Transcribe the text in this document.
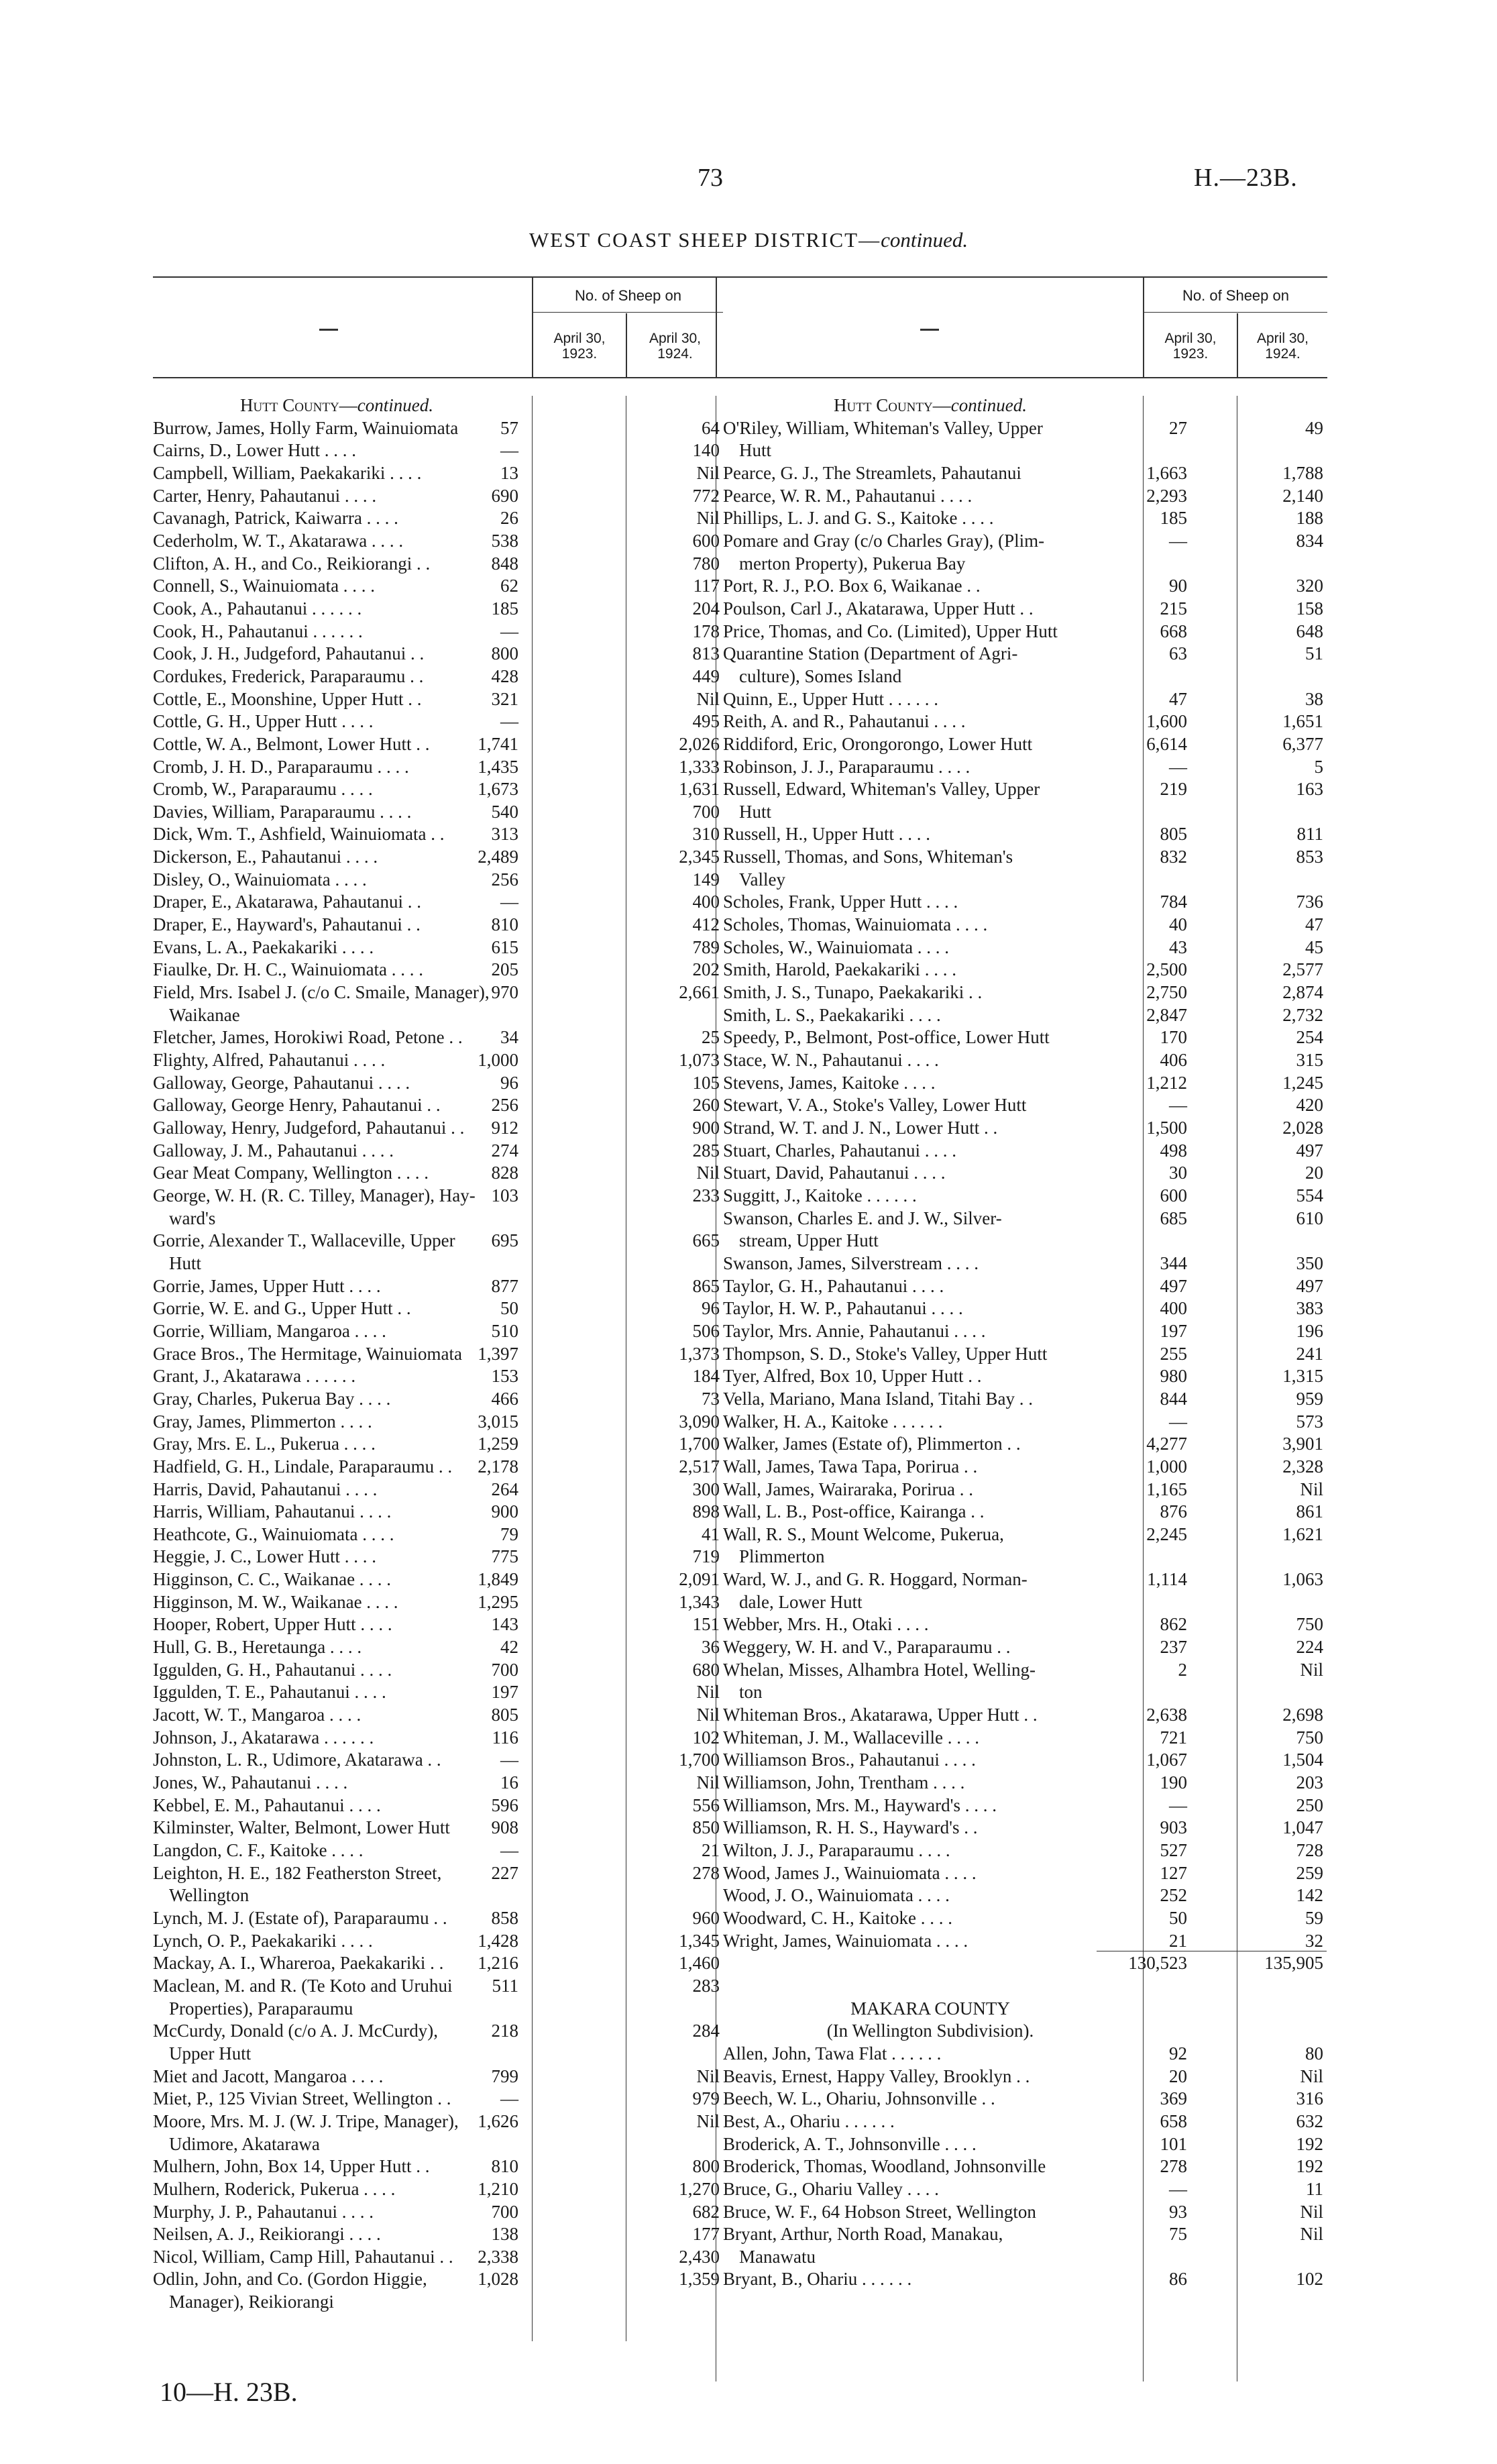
73	H.—23B.
WEST COAST SHEEP DISTRICT—continued.
No. of Sheep on
April 30,
1923.
April 30,
1924.
No. of Sheep on
April 30,
1923.
April 30,
1924.
Hutt County—continued.
Burrow, James, Holly Farm, Wainuiomata	57	64
Cairns, D., Lower Hutt . . . .	—	140
Campbell, William, Paekakariki . . . .	13	Nil
Carter, Henry, Pahautanui . . . .	690	772
Cavanagh, Patrick, Kaiwarra . . . .	26	Nil
Cederholm, W. T., Akatarawa . . . .	538	600
Clifton, A. H., and Co., Reikiorangi . .	848	780
Connell, S., Wainuiomata . . . .	62	117
Cook, A., Pahautanui . . . . . .	185	204
Cook, H., Pahautanui . . . . . .	—	178
Cook, J. H., Judgeford, Pahautanui . .	800	813
Cordukes, Frederick, Paraparaumu . .	428	449
Cottle, E., Moonshine, Upper Hutt . .	321	Nil
Cottle, G. H., Upper Hutt . . . .	—	495
Cottle, W. A., Belmont, Lower Hutt . .	1,741	2,026
Cromb, J. H. D., Paraparaumu . . . .	1,435	1,333
Cromb, W., Paraparaumu . . . .	1,673	1,631
Davies, William, Paraparaumu . . . .	540	700
Dick, Wm. T., Ashfield, Wainuiomata . .	313	310
Dickerson, E., Pahautanui . . . .	2,489	2,345
Disley, O., Wainuiomata . . . .	256	149
Draper, E., Akatarawa, Pahautanui . .	—	400
Draper, E., Hayward's, Pahautanui . .	810	412
Evans, L. A., Paekakariki . . . .	615	789
Fiaulke, Dr. H. C., Wainuiomata . . . .	205	202
Field, Mrs. Isabel J. (c/o C. Smaile, Manager), 970	2,661
Waikanae
Fletcher, James, Horokiwi Road, Petone . .	34	25
Flighty, Alfred, Pahautanui . . . .	1,000	1,073
Galloway, George, Pahautanui . . . .	96	105
Galloway, George Henry, Pahautanui . .	256	260
Galloway, Henry, Judgeford, Pahautanui . .	912	900
Galloway, J. M., Pahautanui . . . .	274	285
Gear Meat Company, Wellington . . . .	828	Nil
George, W. H. (R. C. Tilley, Manager), Hay- 103	233
ward's
Gorrie, Alexander T., Wallaceville, Upper	695	665
Hutt
Gorrie, James, Upper Hutt . . . .	877	865
Gorrie, W. E. and G., Upper Hutt . .	50	96
Gorrie, William, Mangaroa . . . .	510	506
Grace Bros., The Hermitage, Wainuiomata 1,397	1,373
Grant, J., Akatarawa . . . . . .	153	184
Gray, Charles, Pukerua Bay . . . .	466	73
Gray, James, Plimmerton . . . .	3,015	3,090
Gray, Mrs. E. L., Pukerua . . . .	1,259	1,700
Hadfield, G. H., Lindale, Paraparaumu . .	2,178	2,517
Harris, David, Pahautanui . . . .	264	300
Harris, William, Pahautanui . . . .	900	898
Heathcote, G., Wainuiomata . . . .	79	41
Heggie, J. C., Lower Hutt . . . .	775	719
Higginson, C. C., Waikanae . . . .	1,849	2,091
Higginson, M. W., Waikanae . . . .	1,295	1,343
Hooper, Robert, Upper Hutt . . . .	143	151
Hull, G. B., Heretaunga . . . .	42	36
Iggulden, G. H., Pahautanui . . . .	700	680
Iggulden, T. E., Pahautanui . . . .	197	Nil
Jacott, W. T., Mangaroa . . . .	805	Nil
Johnson, J., Akatarawa . . . . . .	116	102
Johnston, L. R., Udimore, Akatarawa . .	—	1,700
Jones, W., Pahautanui . . . .	16	Nil
Kebbel, E. M., Pahautanui . . . .	596	556
Kilminster, Walter, Belmont, Lower Hutt	908	850
Langdon, C. F., Kaitoke . . . .	—	21
Leighton, H. E., 182 Featherston Street,	227	278
Wellington
Lynch, M. J. (Estate of), Paraparaumu . .	858	960
Lynch, O. P., Paekakariki . . . .	1,428	1,345
Mackay, A. I., Whareroa, Paekakariki . .	1,216	1,460
Maclean, M. and R. (Te Koto and Uruhui	511	283
Properties), Paraparaumu
McCurdy, Donald (c/o A. J. McCurdy),	218	284
Upper Hutt
Miet and Jacott, Mangaroa . . . .	799	Nil
Miet, P., 125 Vivian Street, Wellington . .	—	979
Moore, Mrs. M. J. (W. J. Tripe, Manager),	1,626	Nil
Udimore, Akatarawa
Mulhern, John, Box 14, Upper Hutt . .	810	800
Mulhern, Roderick, Pukerua . . . .	1,210	1,270
Murphy, J. P., Pahautanui . . . .	700	682
Neilsen, A. J., Reikiorangi . . . .	138	177
Nicol, William, Camp Hill, Pahautanui . .	2,338	2,430
Odlin, John, and Co. (Gordon Higgie,	1,028	1,359
Manager), Reikiorangi
Hutt County—continued.
O'Riley, William, Whiteman's Valley, Upper	27	49
Hutt
Pearce, G. J., The Streamlets, Pahautanui	1,663	1,788
Pearce, W. R. M., Pahautanui . . . .	2,293	2,140
Phillips, L. J. and G. S., Kaitoke . . . .	185	188
Pomare and Gray (c/o Charles Gray), (Plim-	—	834
merton Property), Pukerua Bay
Port, R. J., P.O. Box 6, Waikanae . .	90	320
Poulson, Carl J., Akatarawa, Upper Hutt . .	215	158
Price, Thomas, and Co. (Limited), Upper Hutt	668	648
Quarantine Station (Department of Agri-	63	51
culture), Somes Island
Quinn, E., Upper Hutt . . . . . .	47	38
Reith, A. and R., Pahautanui . . . .	1,600	1,651
Riddiford, Eric, Orongorongo, Lower Hutt	6,614	6,377
Robinson, J. J., Paraparaumu . . . .	—	5
Russell, Edward, Whiteman's Valley, Upper	219	163
Hutt
Russell, H., Upper Hutt . . . .	805	811
Russell, Thomas, and Sons, Whiteman's	832	853
Valley
Scholes, Frank, Upper Hutt . . . .	784	736
Scholes, Thomas, Wainuiomata . . . .	40	47
Scholes, W., Wainuiomata . . . .	43	45
Smith, Harold, Paekakariki . . . .	2,500	2,577
Smith, J. S., Tunapo, Paekakariki . .	2,750	2,874
Smith, L. S., Paekakariki . . . .	2,847	2,732
Speedy, P., Belmont, Post-office, Lower Hutt	170	254
Stace, W. N., Pahautanui . . . .	406	315
Stevens, James, Kaitoke . . . .	1,212	1,245
Stewart, V. A., Stoke's Valley, Lower Hutt	—	420
Strand, W. T. and J. N., Lower Hutt . .	1,500	2,028
Stuart, Charles, Pahautanui . . . .	498	497
Stuart, David, Pahautanui . . . .	30	20
Suggitt, J., Kaitoke . . . . . .	600	554
Swanson, Charles E. and J. W., Silver-	685	610
stream, Upper Hutt
Swanson, James, Silverstream . . . .	344	350
Taylor, G. H., Pahautanui . . . .	497	497
Taylor, H. W. P., Pahautanui . . . .	400	383
Taylor, Mrs. Annie, Pahautanui . . . .	197	196
Thompson, S. D., Stoke's Valley, Upper Hutt	255	241
Tyer, Alfred, Box 10, Upper Hutt . .	980	1,315
Vella, Mariano, Mana Island, Titahi Bay . .	844	959
Walker, H. A., Kaitoke . . . . . .	—	573
Walker, James (Estate of), Plimmerton . .	4,277	3,901
Wall, James, Tawa Tapa, Porirua . .	1,000	2,328
Wall, James, Wairaraka, Porirua . .	1,165	Nil
Wall, L. B., Post-office, Kairanga . .	876	861
Wall, R. S., Mount Welcome, Pukerua,	2,245	1,621
Plimmerton
Ward, W. J., and G. R. Hoggard, Norman-	1,114	1,063
dale, Lower Hutt
Webber, Mrs. H., Otaki . . . .	862	750
Weggery, W. H. and V., Paraparaumu . .	237	224
Whelan, Misses, Alhambra Hotel, Welling-	2	Nil
ton
Whiteman Bros., Akatarawa, Upper Hutt . .	2,638	2,698
Whiteman, J. M., Wallaceville . . . .	721	750
Williamson Bros., Pahautanui . . . .	1,067	1,504
Williamson, John, Trentham . . . .	190	203
Williamson, Mrs. M., Hayward's . . . .	—	250
Williamson, R. H. S., Hayward's . .	903	1,047
Wilton, J. J., Paraparaumu . . . .	527	728
Wood, James J., Wainuiomata . . . .	127	259
Wood, J. O., Wainuiomata . . . .	252	142
Woodward, C. H., Kaitoke . . . .	50	59
Wright, James, Wainuiomata . . . .	21	32
130,523	135,905
MAKARA COUNTY
(In Wellington Subdivision).
Allen, John, Tawa Flat . . . . . .	92	80
Beavis, Ernest, Happy Valley, Brooklyn . .	20	Nil
Beech, W. L., Ohariu, Johnsonville . .	369	316
Best, A., Ohariu . . . . . .	658	632
Broderick, A. T., Johnsonville . . . .	101	192
Broderick, Thomas, Woodland, Johnsonville	278	192
Bruce, G., Ohariu Valley . . . .	—	11
Bruce, W. F., 64 Hobson Street, Wellington	93	Nil
Bryant, Arthur, North Road, Manakau,	75	Nil
Manawatu
Bryant, B., Ohariu . . . . . .	86	102
10—H. 23B.
